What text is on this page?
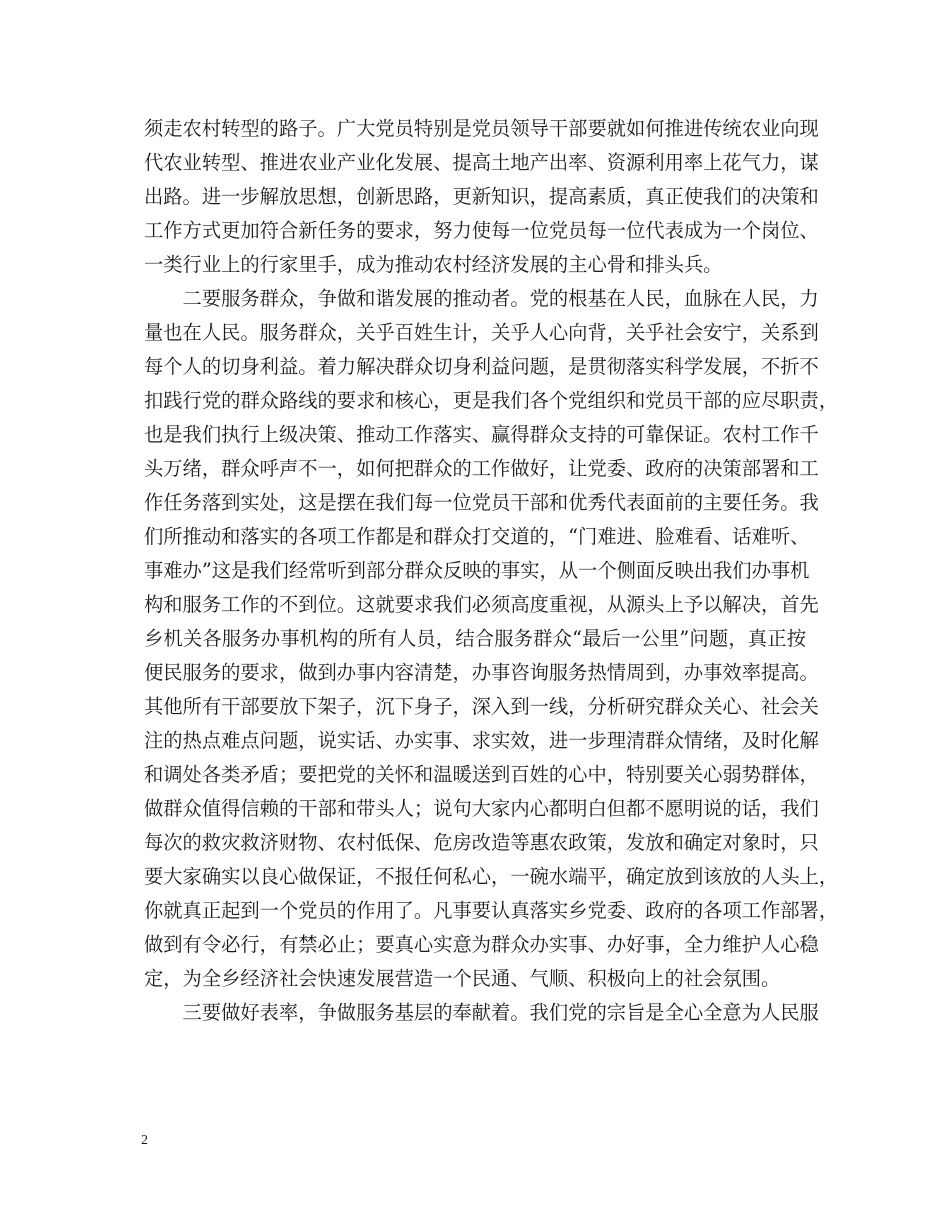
须走农村转型的路子。广大党员特别是党员领导干部要就如何推进传统农业向现
代农业转型、推进农业产业化发展、提高土地产出率、资源利用率上花气力，谋
出路。进一步解放思想，创新思路，更新知识，提高素质，真正使我们的决策和
工作方式更加符合新任务的要求，努力使每一位党员每一位代表成为一个岗位、
一类行业上的行家里手，成为推动农村经济发展的主心骨和排头兵。
　　二要服务群众，争做和谐发展的推动者。党的根基在人民，血脉在人民，力
量也在人民。服务群众，关乎百姓生计，关乎人心向背，关乎社会安宁，关系到
每个人的切身利益。着力解决群众切身利益问题，是贯彻落实科学发展，不折不
扣践行党的群众路线的要求和核心，更是我们各个党组织和党员干部的应尽职责，
也是我们执行上级决策、推动工作落实、赢得群众支持的可靠保证。农村工作千
头万绪，群众呼声不一，如何把群众的工作做好，让党委、政府的决策部署和工
作任务落到实处，这是摆在我们每一位党员干部和优秀代表面前的主要任务。我
们所推动和落实的各项工作都是和群众打交道的，“门难进、脸难看、话难听、
事难办”这是我们经常听到部分群众反映的事实，从一个侧面反映出我们办事机
构和服务工作的不到位。这就要求我们必须高度重视，从源头上予以解决，首先
乡机关各服务办事机构的所有人员，结合服务群众“最后一公里”问题，真正按
便民服务的要求，做到办事内容清楚，办事咨询服务热情周到，办事效率提高。
其他所有干部要放下架子，沉下身子，深入到一线，分析研究群众关心、社会关
注的热点难点问题，说实话、办实事、求实效，进一步理清群众情绪，及时化解
和调处各类矛盾；要把党的关怀和温暖送到百姓的心中，特别要关心弱势群体，
做群众值得信赖的干部和带头人；说句大家内心都明白但都不愿明说的话，我们
每次的救灾救济财物、农村低保、危房改造等惠农政策，发放和确定对象时，只
要大家确实以良心做保证，不报任何私心，一碗水端平，确定放到该放的人头上，
你就真正起到一个党员的作用了。凡事要认真落实乡党委、政府的各项工作部署，
做到有令必行，有禁必止；要真心实意为群众办实事、办好事，全力维护人心稳
定，为全乡经济社会快速发展营造一个民通、气顺、积极向上的社会氛围。
　　三要做好表率，争做服务基层的奉献着。我们党的宗旨是全心全意为人民服
2
